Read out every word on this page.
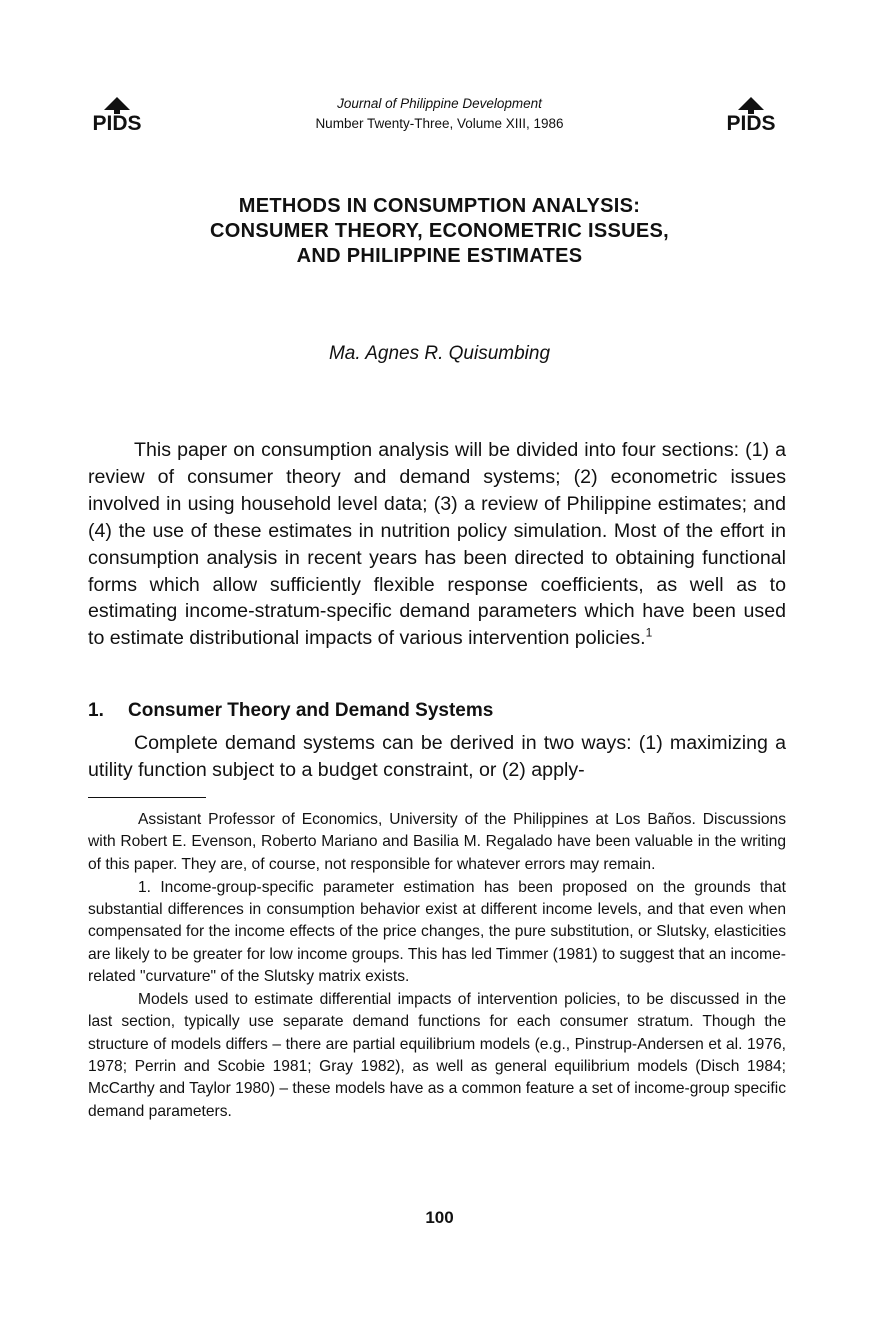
PIDS	PIDS
Journal of Philippine Development
Number Twenty-Three, Volume XIII, 1986
METHODS IN CONSUMPTION ANALYSIS:
CONSUMER THEORY, ECONOMETRIC ISSUES,
AND PHILIPPINE ESTIMATES
Ma. Agnes R. Quisumbing

This paper on consumption analysis will be divided into four sections: (1) a review of consumer theory and demand systems; (2) econometric issues involved in using household level data; (3) a review of Philippine estimates; and (4) the use of these estimates in nutrition policy simulation. Most of the effort in consumption analysis in recent years has been directed to obtaining functional forms which allow sufficiently flexible response coefficients, as well as to estimating income-stratum-specific demand parameters which have been used to estimate distributional impacts of various intervention policies.$^1$

1. Consumer Theory and Demand Systems

Complete demand systems can be derived in two ways: (1) maximizing a utility function subject to a budget constraint, or (2) apply-

Assistant Professor of Economics, University of the Philippines at Los Baños. Discussions with Robert E. Evenson, Roberto Mariano and Basilia M. Regalado have been valuable in the writing of this paper. They are, of course, not responsible for whatever errors may remain.

1. Income-group-specific parameter estimation has been proposed on the grounds that substantial differences in consumption behavior exist at different income levels, and that even when compensated for the income effects of the price changes, the pure substitution, or Slutsky, elasticities are likely to be greater for low income groups. This has led Timmer (1981) to suggest that an income-related "curvature" of the Slutsky matrix exists.

Models used to estimate differential impacts of intervention policies, to be discussed in the last section, typically use separate demand functions for each consumer stratum. Though the structure of models differs – there are partial equilibrium models (e.g., Pinstrup-Andersen et al. 1976, 1978; Perrin and Scobie 1981; Gray 1982), as well as general equilibrium models (Disch 1984; McCarthy and Taylor 1980) – these models have as a common feature a set of income-group specific demand parameters.

100
